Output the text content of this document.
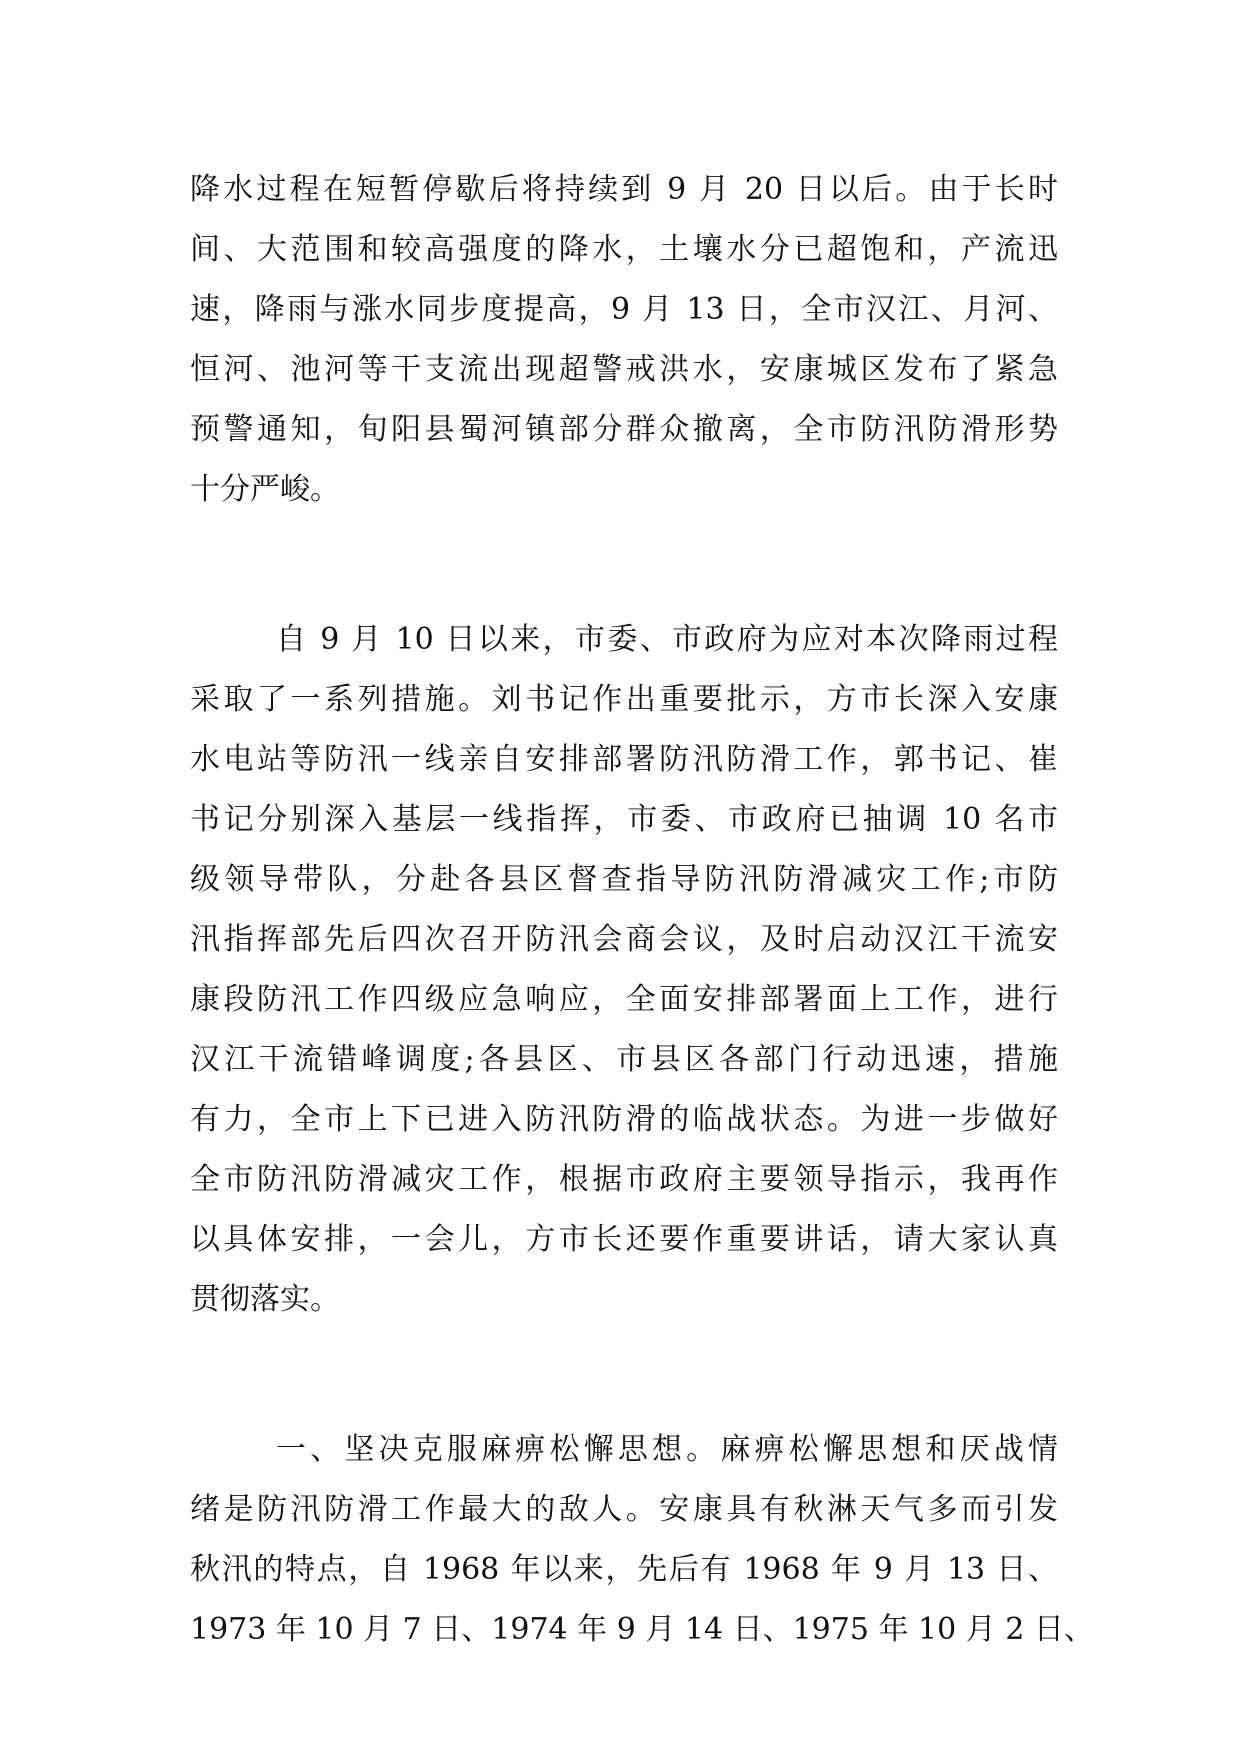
降水过程在短暂停歇后将持续到 9 月 20 日以后。由于长时
间、大范围和较高强度的降水，土壤水分已超饱和，产流迅
速，降雨与涨水同步度提高，9 月 13 日，全市汉江、月河、
恒河、池河等干支流出现超警戒洪水，安康城区发布了紧急
预警通知，旬阳县蜀河镇部分群众撤离，全市防汛防滑形势
十分严峻。
自 9 月 10 日以来，市委、市政府为应对本次降雨过程
采取了一系列措施。刘书记作出重要批示，方市长深入安康
水电站等防汛一线亲自安排部署防汛防滑工作，郭书记、崔
书记分别深入基层一线指挥，市委、市政府已抽调 10 名市
级领导带队，分赴各县区督查指导防汛防滑减灾工作;市防
汛指挥部先后四次召开防汛会商会议，及时启动汉江干流安
康段防汛工作四级应急响应，全面安排部署面上工作，进行
汉江干流错峰调度;各县区、市县区各部门行动迅速，措施
有力，全市上下已进入防汛防滑的临战状态。为进一步做好
全市防汛防滑减灾工作，根据市政府主要领导指示，我再作
以具体安排，一会儿，方市长还要作重要讲话，请大家认真
贯彻落实。
一、坚决克服麻痹松懈思想。麻痹松懈思想和厌战情
绪是防汛防滑工作最大的敌人。安康具有秋淋天气多而引发
秋汛的特点，自 1968 年以来，先后有 1968 年 9 月 13 日、
1973 年 10 月 7 日、1974 年 9 月 14 日、1975 年 10 月 2 日、
